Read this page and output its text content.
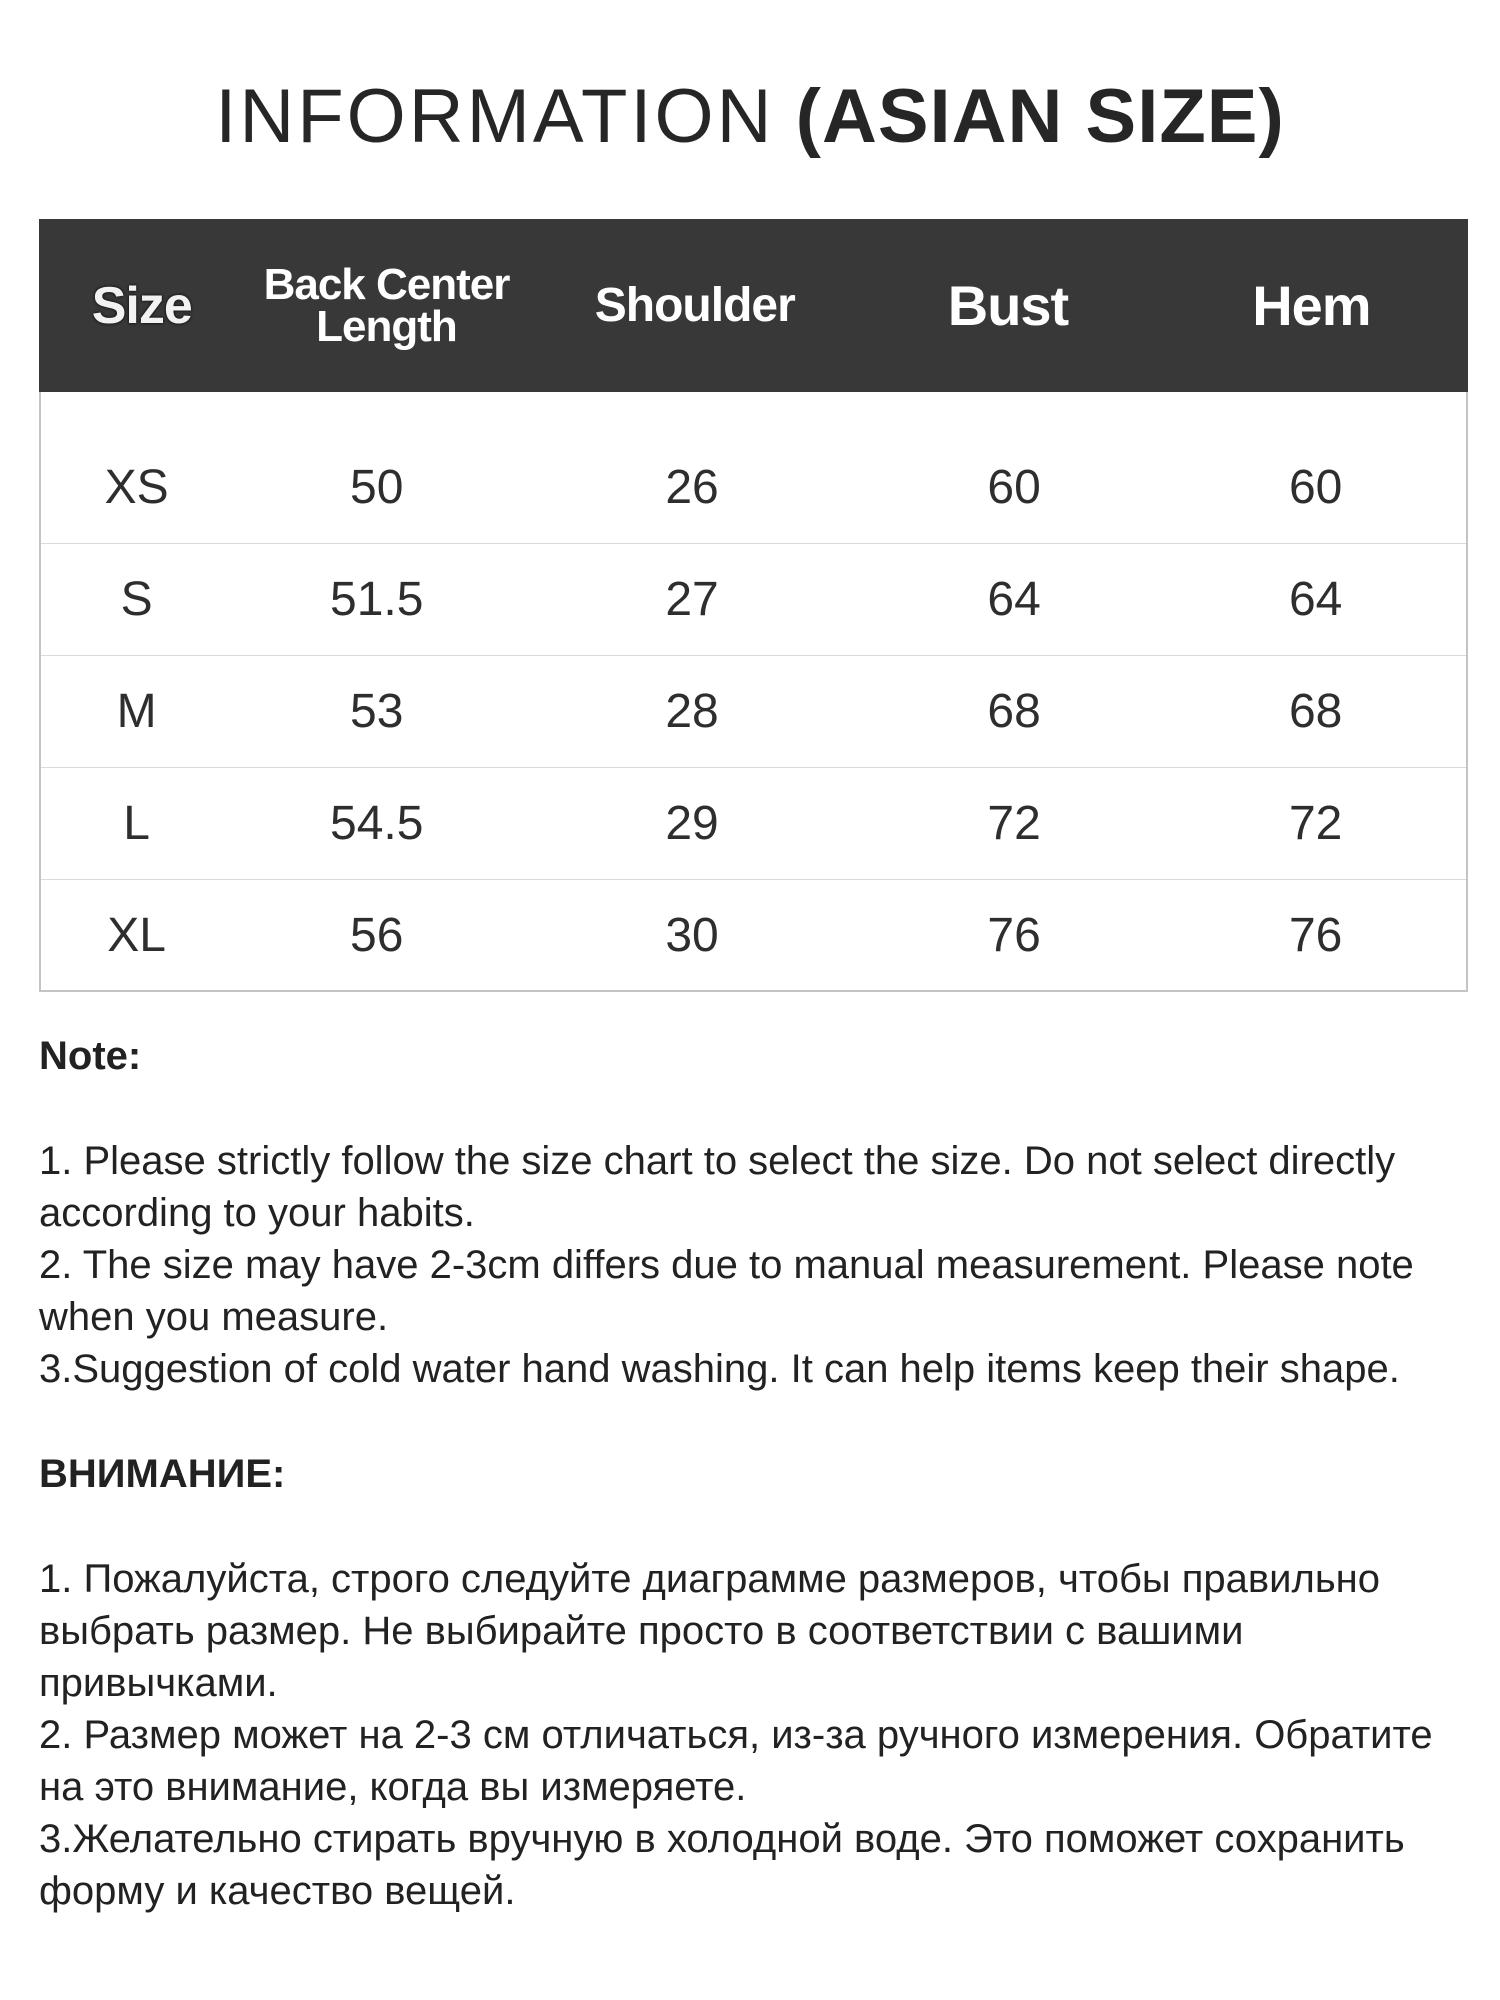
INFORMATION (ASIAN SIZE)
Size	Back Center Length	Shoulder	Bust	Hem
XS	50	26	60	60
S	51.5	27	64	64
M	53	28	68	68
L	54.5	29	72	72
XL	56	30	76	76

Note:

1. Please strictly follow the size chart to select the size. Do not select directly according to your habits.

2. The size may have 2-3cm differs due to manual measurement. Please note when you measure.

3.Suggestion of cold water hand washing. It can help items keep their shape.

ВНИМАНИЕ:

1. Пожалуйста, строго следуйте диаграмме размеров, чтобы правильно выбрать размер. Не выбирайте просто в соответствии с вашими привычками.

2. Размер может на 2-3 см отличаться, из-за ручного измерения. Обратите на это внимание, когда вы измеряете.

3.Желательно стирать вручную в холодной воде. Это поможет сохранить форму и качество вещей.
